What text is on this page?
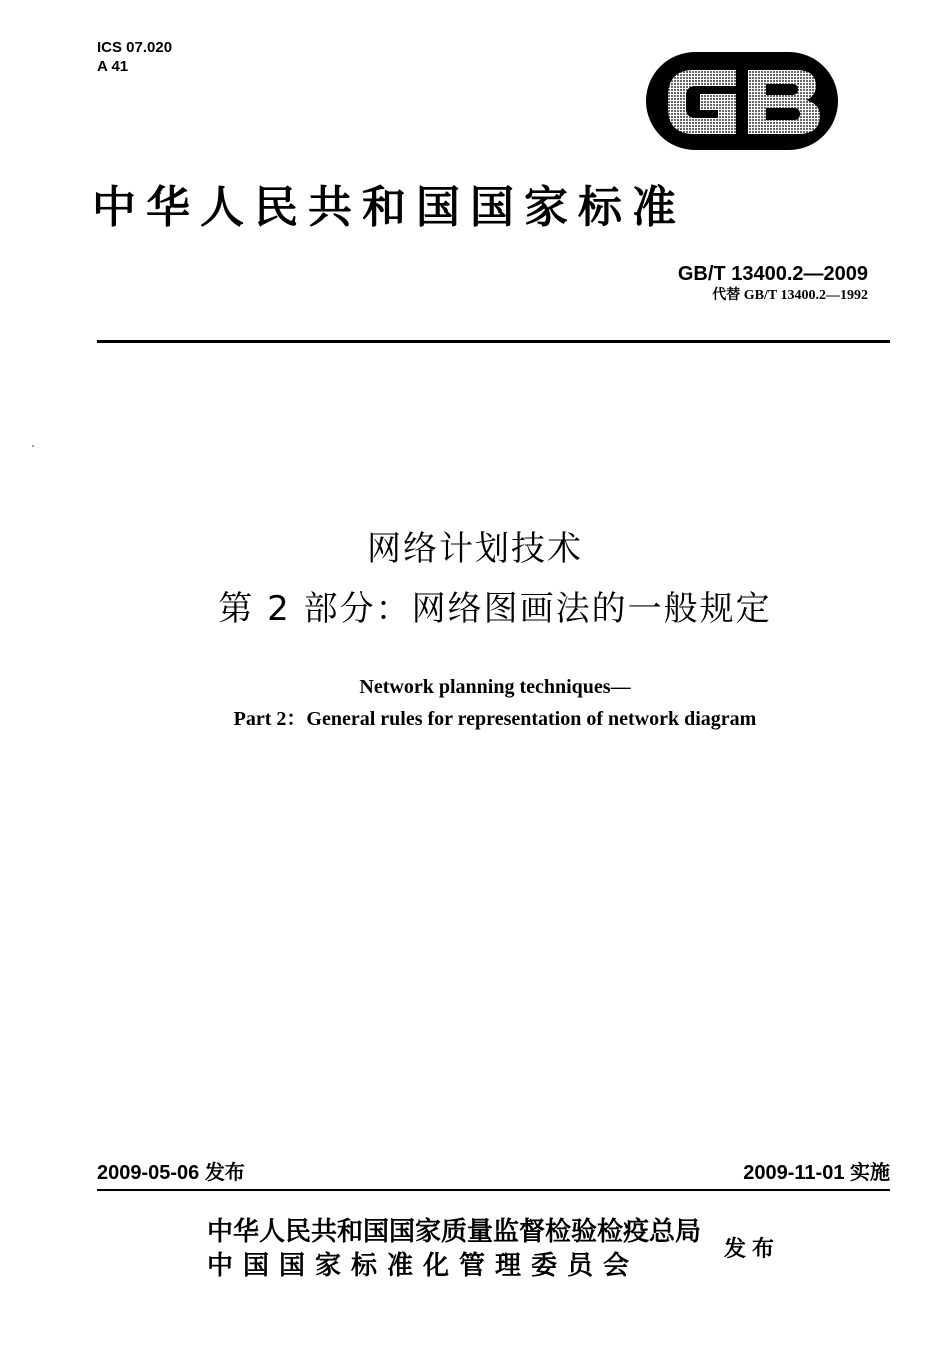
ICS 07.020
A 41
中华人民共和国国家标准
GB/T 13400.2—2009
代替 GB/T 13400.2—1992
网络计划技术
第 2 部分：网络图画法的一般规定
Network planning techniques—
Part 2：General rules for representation of network diagram
2009-05-06 发布	2009-11-01 实施
中华人民共和国国家质量监督检验检疫总局
中国国家标准化管理委员会
发布
